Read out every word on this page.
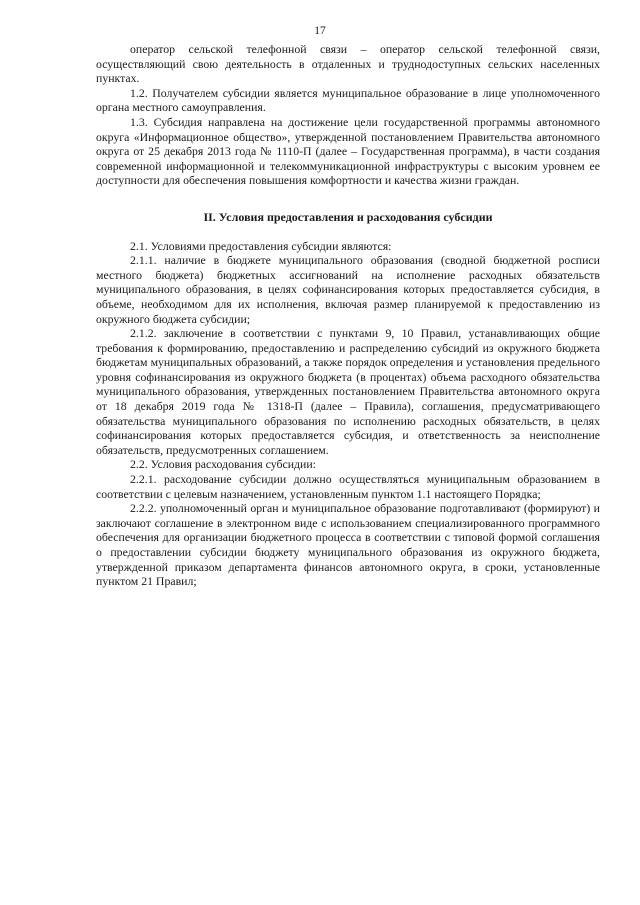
17

оператор сельской телефонной связи – оператор сельской телефонной связи, осуществляющий свою деятельность в отдаленных и труднодоступных сельских населенных пунктах.

1.2. Получателем субсидии является муниципальное образование в лице уполномоченного органа местного самоуправления.

1.3. Субсидия направлена на достижение цели государственной программы автономного округа «Информационное общество», утвержденной постановлением Правительства автономного округа от 25 декабря 2013 года № 1110-П (далее – Государственная программа), в части создания современной информационной и телекоммуникационной инфраструктуры с высоким уровнем ее доступности для обеспечения повышения комфортности и качества жизни граждан.

II. Условия предоставления и расходования субсидии

2.1. Условиями предоставления субсидии являются:

2.1.1. наличие в бюджете муниципального образования (сводной бюджетной росписи местного бюджета) бюджетных ассигнований на исполнение расходных обязательств муниципального образования, в целях софинансирования которых предоставляется субсидия, в объеме, необходимом для их исполнения, включая размер планируемой к предоставлению из окружного бюджета субсидии;

2.1.2. заключение в соответствии с пунктами 9, 10 Правил, устанавливающих общие требования к формированию, предоставлению и распределению субсидий из окружного бюджета бюджетам муниципальных образований, а также порядок определения и установления предельного уровня софинансирования из окружного бюджета (в процентах) объема расходного обязательства муниципального образования, утвержденных постановлением Правительства автономного округа от 18 декабря 2019 года № 1318-П (далее – Правила), соглашения, предусматривающего обязательства муниципального образования по исполнению расходных обязательств, в целях софинансирования которых предоставляется субсидия, и ответственность за неисполнение обязательств, предусмотренных соглашением.

2.2. Условия расходования субсидии:

2.2.1. расходование субсидии должно осуществляться муниципальным образованием в соответствии с целевым назначением, установленным пунктом 1.1 настоящего Порядка;

2.2.2. уполномоченный орган и муниципальное образование подготавливают (формируют) и заключают соглашение в электронном виде с использованием специализированного программного обеспечения для организации бюджетного процесса в соответствии с типовой формой соглашения о предоставлении субсидии бюджету муниципального образования из окружного бюджета, утвержденной приказом департамента финансов автономного округа, в сроки, установленные пунктом 21 Правил;
